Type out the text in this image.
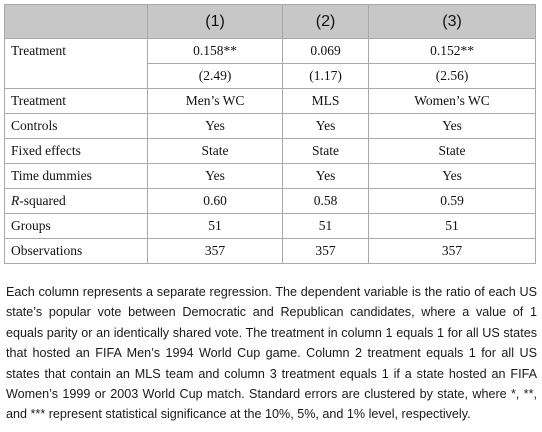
	(1)	(2)	(3)
Treatment	0.158**	0.069	0.152**
	(2.49)	(1.17)	(2.56)
Treatment	Men’s WC	MLS	Women’s WC
Controls	Yes	Yes	Yes
Fixed effects	State	State	State
Time dummies	Yes	Yes	Yes
R-squared	0.60	0.58	0.59
Groups	51	51	51
Observations	357	357	357

Each column represents a separate regression. The dependent variable is the ratio of each US state’s popular vote between Democratic and Republican candidates, where a value of 1 equals parity or an identically shared vote. The treatment in column 1 equals 1 for all US states that hosted an FIFA Men’s 1994 World Cup game. Column 2 treatment equals 1 for all US states that contain an MLS team and column 3 treatment equals 1 if a state hosted an FIFA Women’s 1999 or 2003 World Cup match. Standard errors are clustered by state, where *, **, and *** represent statistical significance at the 10%, 5%, and 1% level, respectively.
